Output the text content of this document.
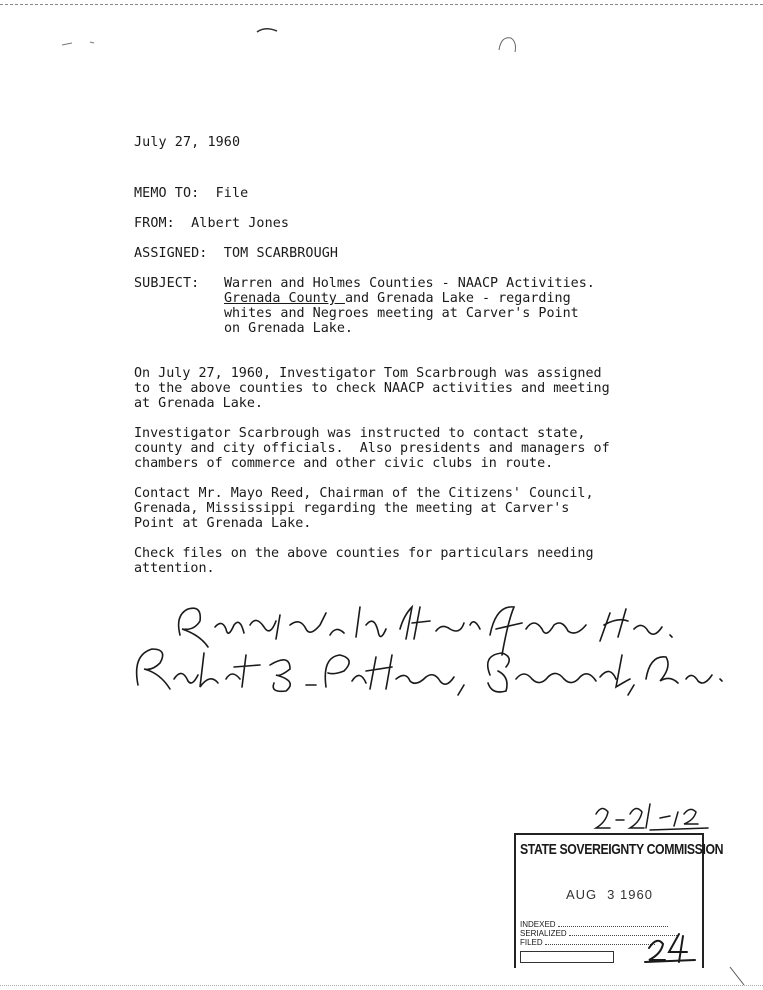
July 27, 1960
MEMO TO: File
FROM: Albert Jones
ASSIGNED: TOM SCARBROUGH
SUBJECT: Warren and Holmes Counties - NAACP Activities.
Grenada County and Grenada Lake - regarding
whites and Negroes meeting at Carver's Point
on Grenada Lake.
On July 27, 1960, Investigator Tom Scarbrough was assigned
to the above counties to check NAACP activities and meeting
at Grenada Lake.
Investigator Scarbrough was instructed to contact state,
county and city officials.  Also presidents and managers of
chambers of commerce and other civic clubs in route.
Contact Mr. Mayo Reed, Chairman of the Citizens' Council,
Grenada, Mississippi regarding the meeting at Carver's
Point at Grenada Lake.
Check files on the above counties for particulars needing
attention.
STATE SOVEREIGNTY COMMISSION
AUG 3 1960
INDEXED
SERIALIZED
FILED
